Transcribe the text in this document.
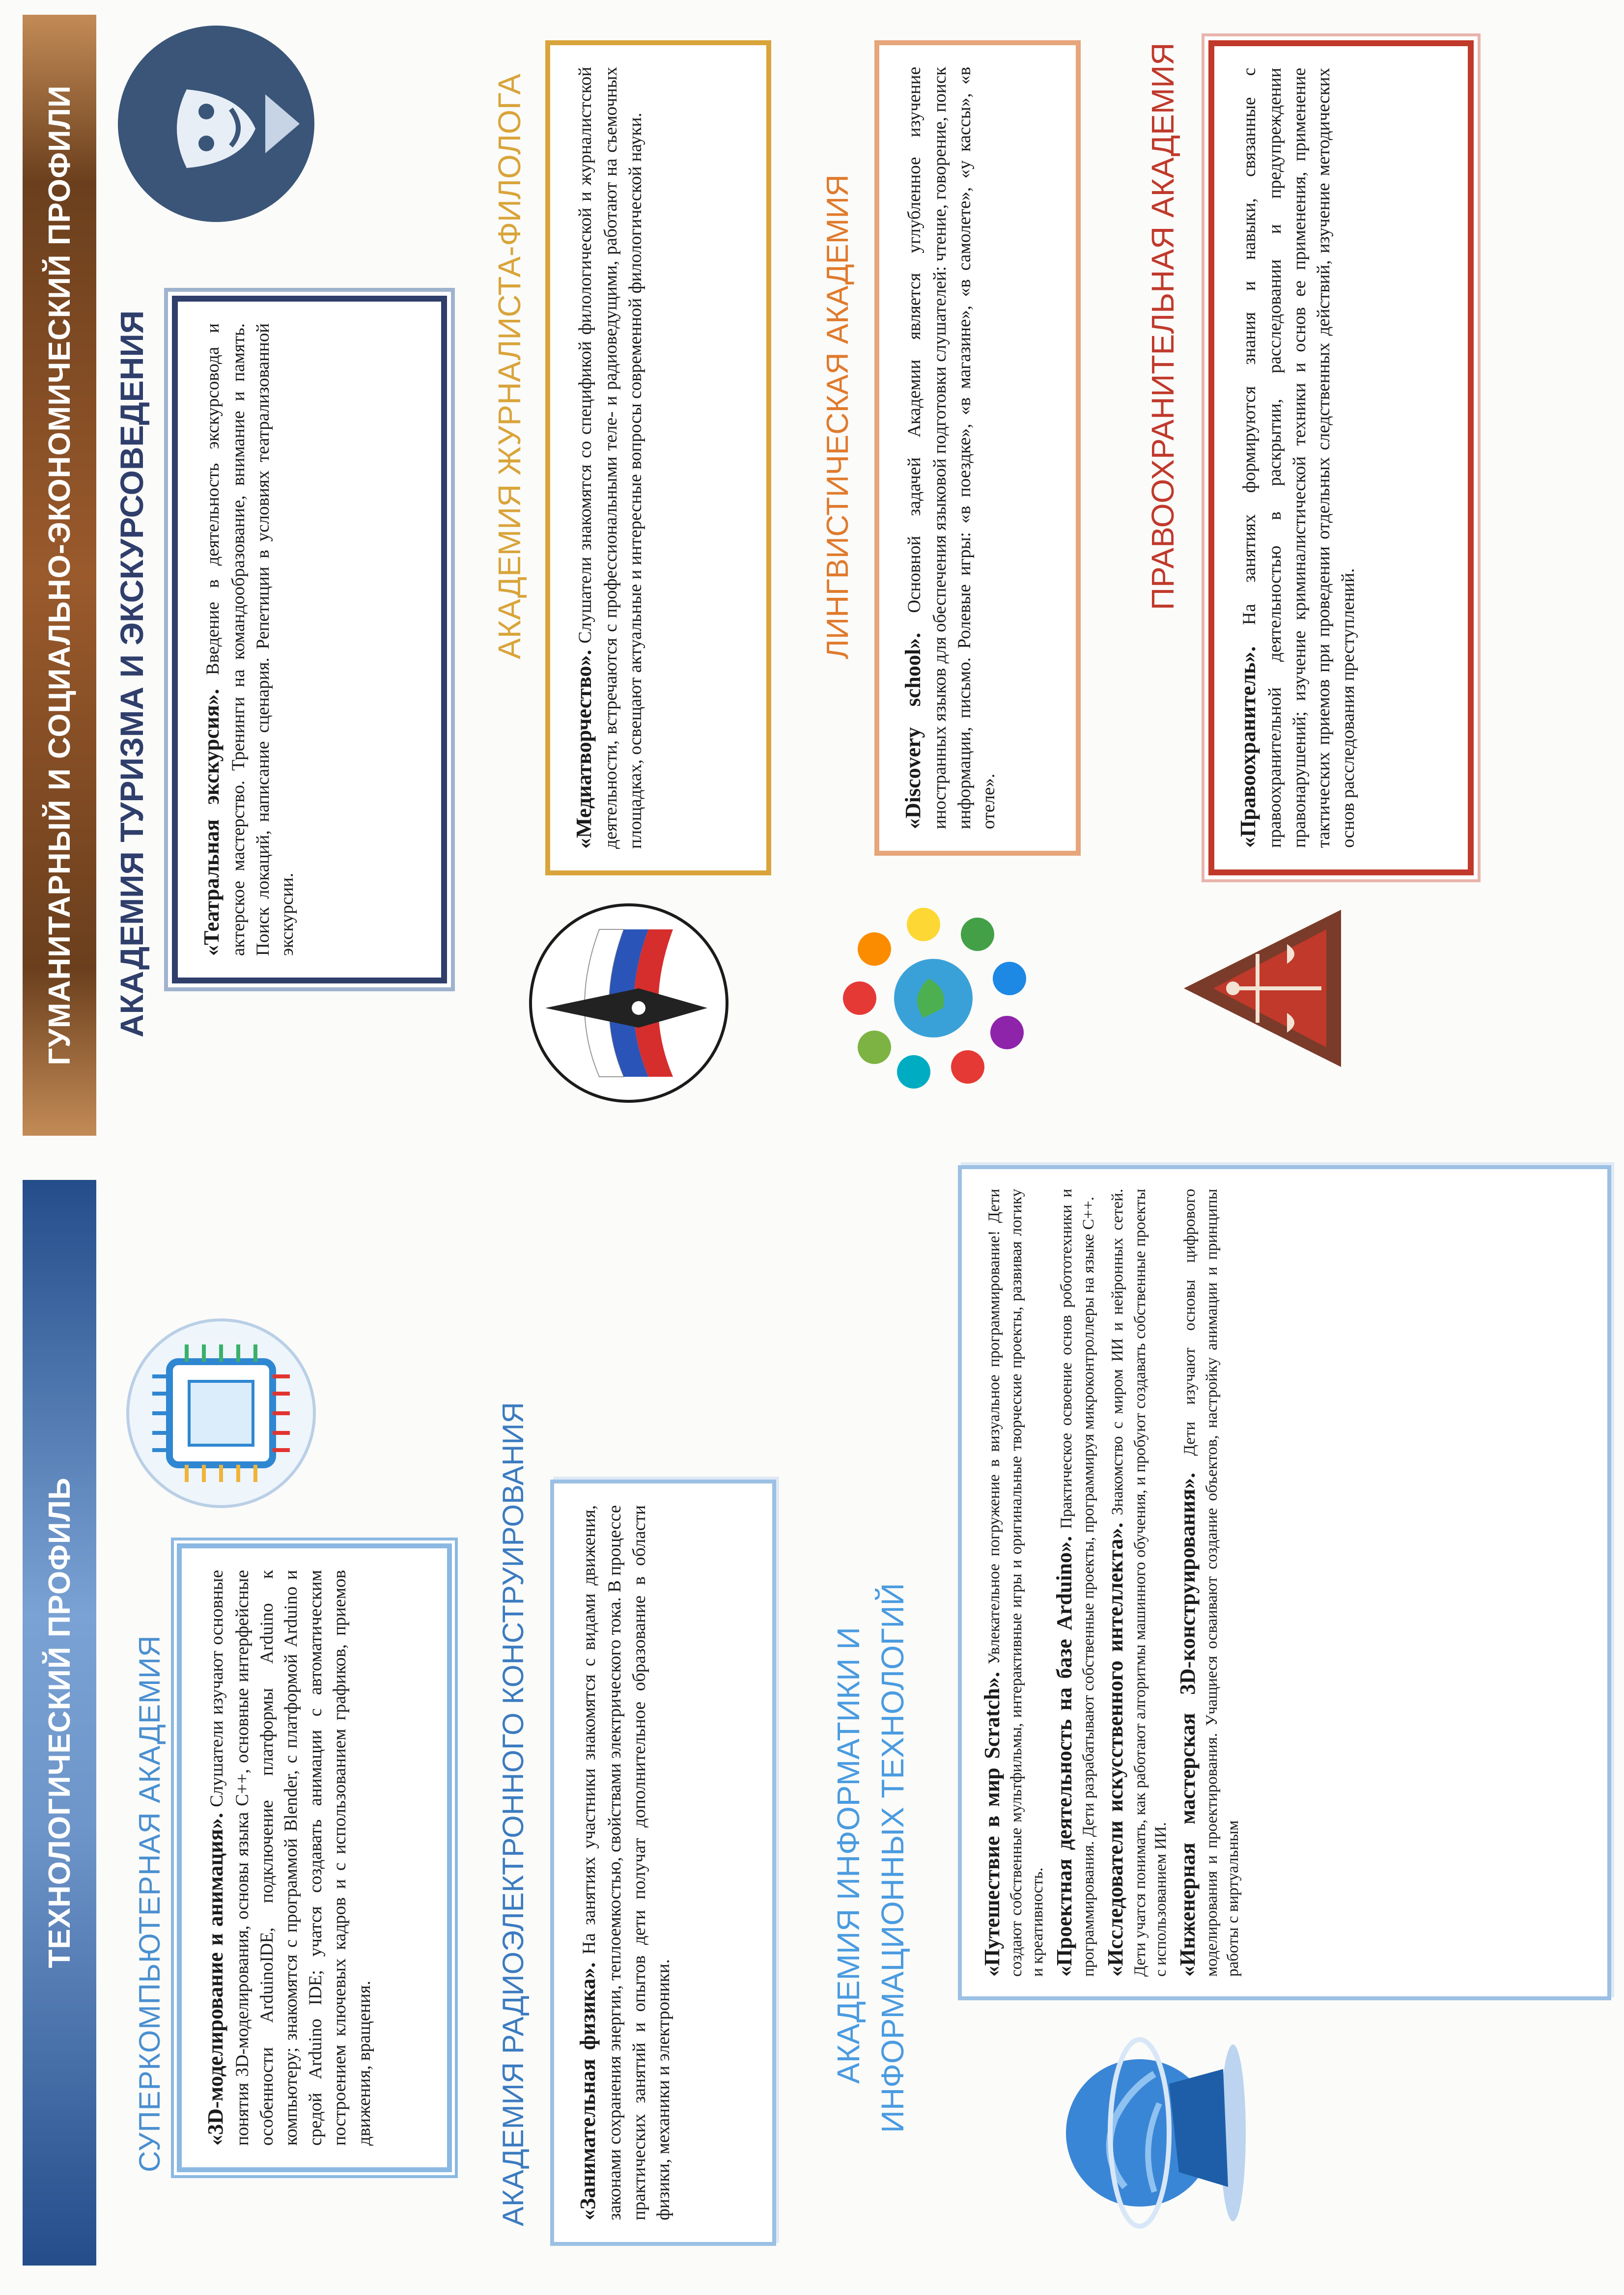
ТЕХНОЛОГИЧЕСКИЙ ПРОФИЛЬ	СУПЕРКОМПЬЮТЕРНАЯ АКАДЕМИЯ «3D-моделирование и анимация». Слушатели изучают основные понятия 3D-моделирования, основы языка C++, основные интерфейсные особенности ArduinoIDE, подключение платформы Arduino к компьютеру; знакомятся с программой Blender, с платформой Arduino и средой Arduino IDE; учатся создавать анимации с автоматическим построением ключевых кадров и с использованием графиков, приемов движения, вращения.	АКАДЕМИЯ РАДИОЭЛЕКТРОННОГО КОНСТРУИРОВАНИЯ «Занимательная физика». На занятиях участники знакомятся с видами движения, законами сохранения энергии, теплоемкостью, свойствами электрического тока. В процессе практических занятий и опытов дети получат дополнительное образование в области физики, механики и электроники.

АКАДЕМИЯ ИНФОРМАТИКИ И ИНФОРМАЦИОННЫХ ТЕХНОЛОГИЙ	«Путешествие в мир Scratch». Увлекательное погружение в визуальное программирование! Дети создают собственные мультфильмы, интерактивные игры и оригинальные творческие проекты, развивая логику и креативность. «Проектная деятельность на базе Arduino». Практическое освоение основ робототехники и программирования. Дети разрабатывают собственные проекты, программируя микроконтроллеры на языке C++. «Исследователи искусственного интеллекта». Знакомство с миром ИИ и нейронных сетей. Дети учатся понимать, как работают алгоритмы машинного обучения, и пробуют создавать собственные проекты с использованием ИИ. «Инженерная мастерская 3D-конструирования». Дети изучают основы цифрового моделирования и проектирования. Учащиеся осваивают создание объектов, настройку анимации и принципы работы с виртуальным

ГУМАНИТАРНЫЙ И СОЦИАЛЬНО-ЭКОНОМИЧЕСКИЙ ПРОФИЛИ	АКАДЕМИЯ ТУРИЗМА И ЭКСКУРСОВЕДЕНИЯ «Театральная экскурсия». Введение в деятельность экскурсовода и актерское мастерство. Тренинги на командообразование, внимание и память. Поиск локаций, написание сценария. Репетиции в условиях театрализованной экскурсии.

АКАДЕМИЯ ЖУРНАЛИСТА-ФИЛОЛОГА

«Медиатворчество». Слушатели знакомятся со спецификой филологической и журналистской деятельности, встречаются с профессиональными теле- и радиоведущими, работают на съемочных площадках, освещают актуальные и интересные вопросы современной филологической науки.	ЛИНГВИСТИЧЕСКАЯ АКАДЕМИЯ

«Discovery school». Основной задачей Академии является углубленное изучение иностранных языков для обеспечения языковой подготовки слушателей: чтение, говорение, поиск информации, письмо. Ролевые игры: «в поездке», «в магазине», «в самолете», «у кассы», «в отеле».

ПРАВООХРАНИТЕЛЬНАЯ АКАДЕМИЯ

«Правоохранитель». На занятиях формируются знания и навыки, связанные с правоохранительной деятельностью в раскрытии, расследовании и предупреждении правонарушений; изучение криминалистической техники и основ ее применения, применение тактических приемов при проведении отдельных следственных действий, изучение методических основ расследования преступлений.
